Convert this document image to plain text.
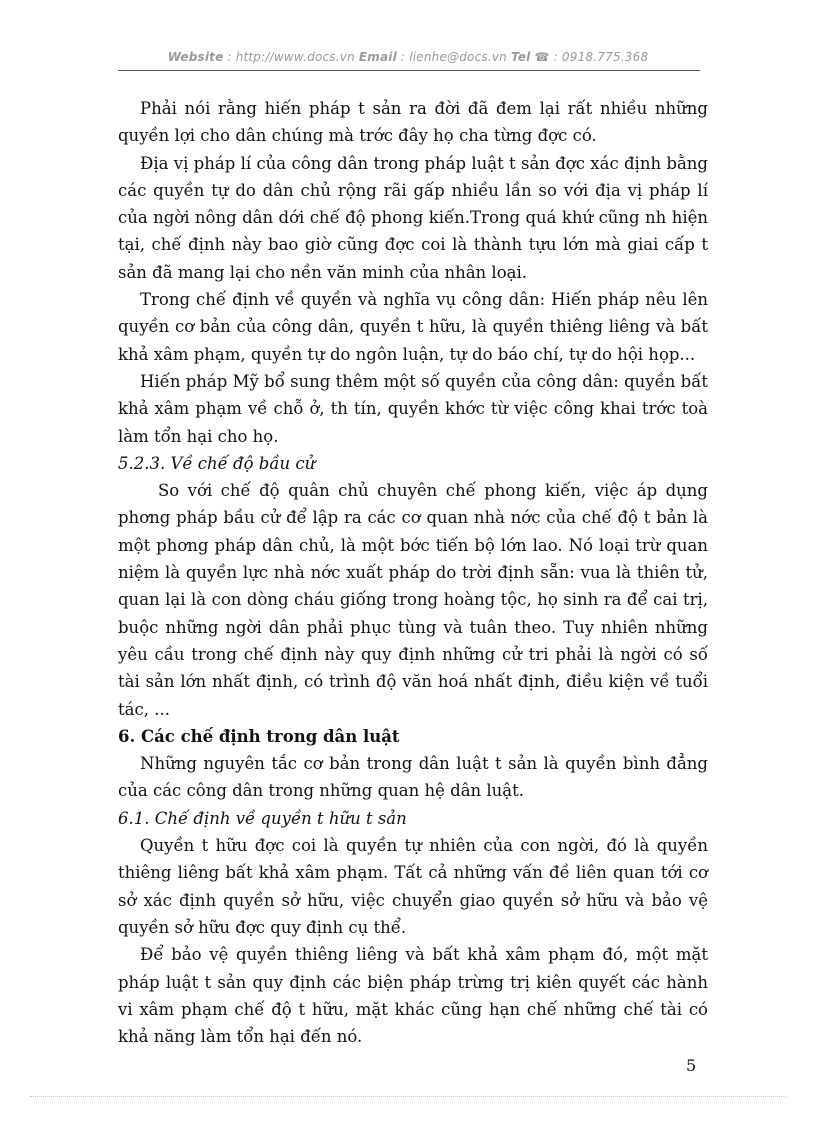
Website : http://www.docs.vn Email : lienhe@docs.vn Tel ☎ : 0918.775.368

Phải nói rằng hiến pháp t sản ra đời đã đem lại rất nhiều những quyền lợi cho dân chúng mà trớc đây họ cha từng đợc có.

Địa vị pháp lí của công dân trong pháp luật t sản đợc xác định bằng các quyền tự do dân chủ rộng rãi gấp nhiều lần so với địa vị pháp lí của ngời nông dân dới chế độ phong kiến.Trong quá khứ cũng nh hiện tại, chế định này bao giờ cũng đợc coi là thành tựu lớn mà giai cấp t sản đã mang lại cho nền văn minh của nhân loại.

Trong chế định về quyền và nghĩa vụ công dân: Hiến pháp nêu lên quyền cơ bản của công dân, quyền t hữu, là quyền thiêng liêng và bất khả xâm phạm, quyền tự do ngôn luận, tự do báo chí, tự do hội họp...

Hiến pháp Mỹ bổ sung thêm một số quyền của công dân: quyền bất khả xâm phạm về chỗ ở, th tín, quyền khớc từ việc công khai trớc toà làm tổn hại cho họ.

5.2.3. Về chế độ bầu cử

So với chế độ quân chủ chuyên chế phong kiến, việc áp dụng phơng pháp bầu cử để lập ra các cơ quan nhà nớc của chế độ t bản là một phơng pháp dân chủ, là một bớc tiến bộ lớn lao. Nó loại trừ quan niệm là quyền lực nhà nớc xuất pháp do trời định sẵn: vua là thiên tử, quan lại là con dòng cháu giống trong hoàng tộc, họ sinh ra để cai trị, buộc những ngời dân phải phục tùng và tuân theo. Tuy nhiên những yêu cầu trong chế định này quy định những cử tri phải là ngời có số tài sản lớn nhất định, có trình độ văn hoá nhất định, điều kiện về tuổi tác, ...

6. Các chế định trong dân luật

Những nguyên tắc cơ bản trong dân luật t sản là quyền bình đẳng của các công dân trong những quan hệ dân luật.

6.1. Chế định về quyền t hữu t sản

Quyền t hữu đợc coi là quyền tự nhiên của con ngời, đó là quyền thiêng liêng bất khả xâm phạm. Tất cả những vấn đề liên quan tới cơ sở xác định quyền sở hữu, việc chuyển giao quyền sở hữu và bảo vệ quyền sở hữu đợc quy định cụ thể.

Để bảo vệ quyền thiêng liêng và bất khả xâm phạm đó, một mặt pháp luật t sản quy định các biện pháp trừng trị kiên quyết các hành vi xâm phạm chế độ t hữu, mặt khác cũng hạn chế những chế tài có khả năng làm tổn hại đến nó.

5
